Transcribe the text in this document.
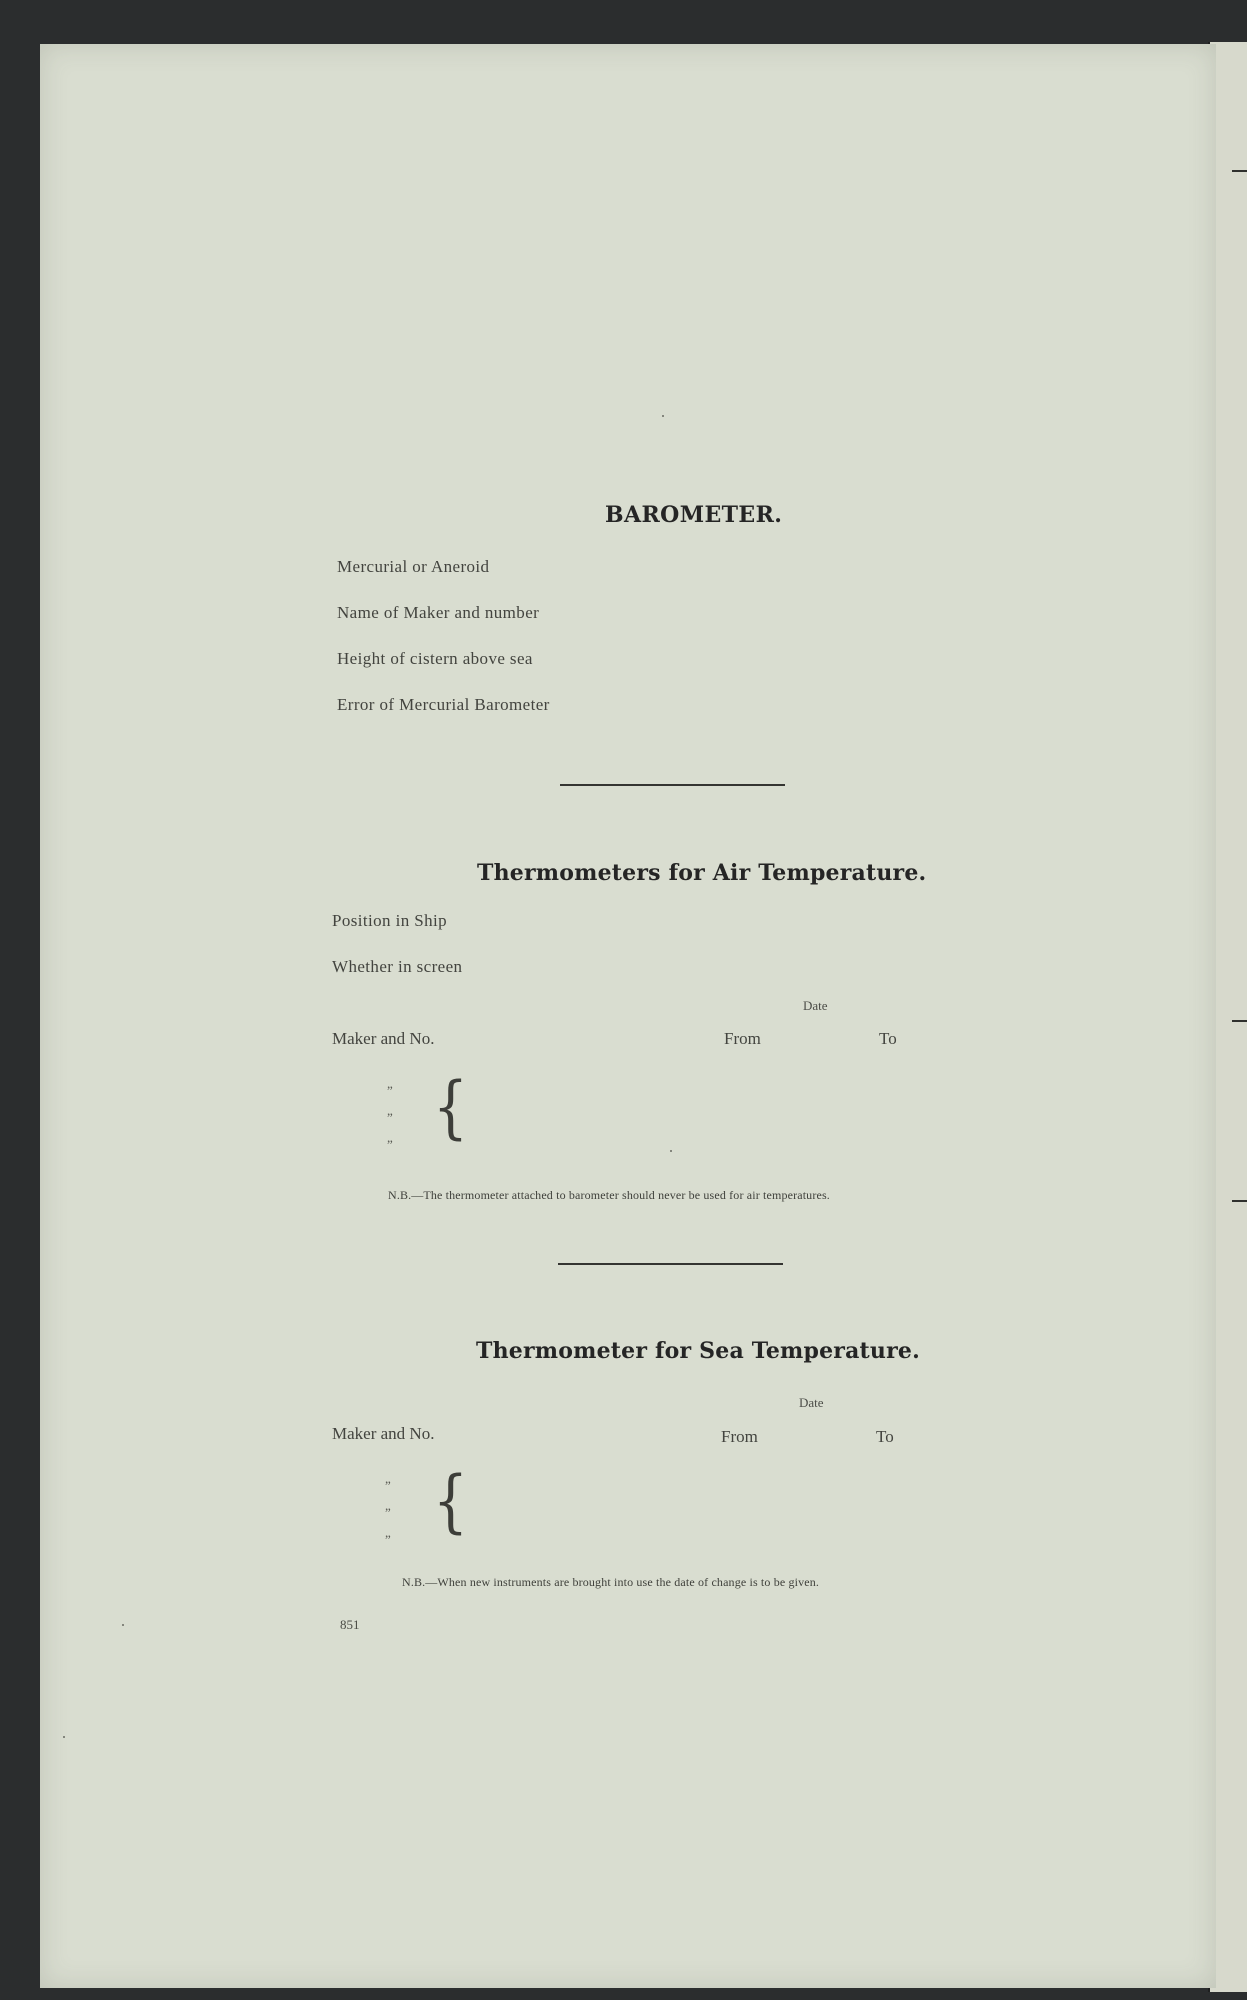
BAROMETER.
Mercurial or Aneroid
Name of Maker and number
Height of cistern above sea
Error of Mercurial Barometer
Thermometers for Air Temperature.
Position in Ship
Whether in screen
Date
Maker and No.	From	To
”
”
” {
N.B.—The thermometer attached to barometer should never be used for air temperatures.
Thermometer for Sea Temperature.
Date
Maker and No.	From	To
”
”
” {
N.B.—When new instruments are brought into use the date of change is to be given.
851
